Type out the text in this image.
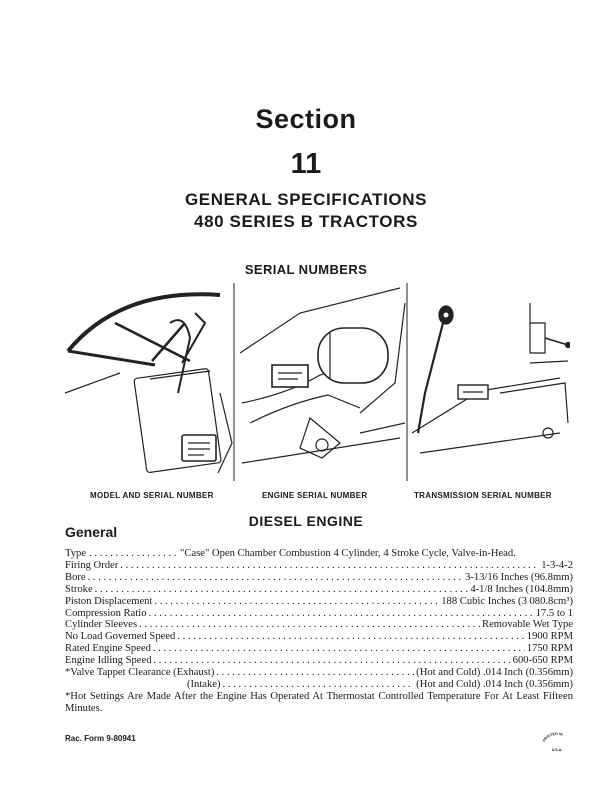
Section
11
GENERAL SPECIFICATIONS
480 SERIES B TRACTORS
SERIAL NUMBERS
MODEL AND SERIAL NUMBER	ENGINE SERIAL NUMBER	TRANSMISSION SERIAL NUMBER
DIESEL ENGINE
General
Type . . .	"Case" Open Chamber Combustion 4 Cylinder, 4 Stroke Cycle, Valve-in-Head.
Firing Order . . .	1-3-4-2
Bore . . .	3-13/16 Inches (96.8mm)
Stroke . . .	4-1/8 Inches (104.8mm)
Piston Displacement . . .	188 Cubic Inches (3 080.8cm³)
Compression Ratio . . .	17.5 to 1
Cylinder Sleeves . . .	Removable Wet Type
No Load Governed Speed . . .	1900 RPM
Rated Engine Speed . . .	1750 RPM
Engine Idling Speed . . .	600-650 RPM
*Valve Tappet Clearance (Exhaust) . . .	(Hot and Cold) .014 Inch (0.356mm)
(Intake) . . .	(Hot and Cold) .014 Inch (0.356mm)
*Hot Settings Are Made After the Engine Has Operated At Thermostat Controlled Temperature For At Least Fifteen Minutes.
Rac. Form 9-80941	PRINTED IN
U.S.A.
